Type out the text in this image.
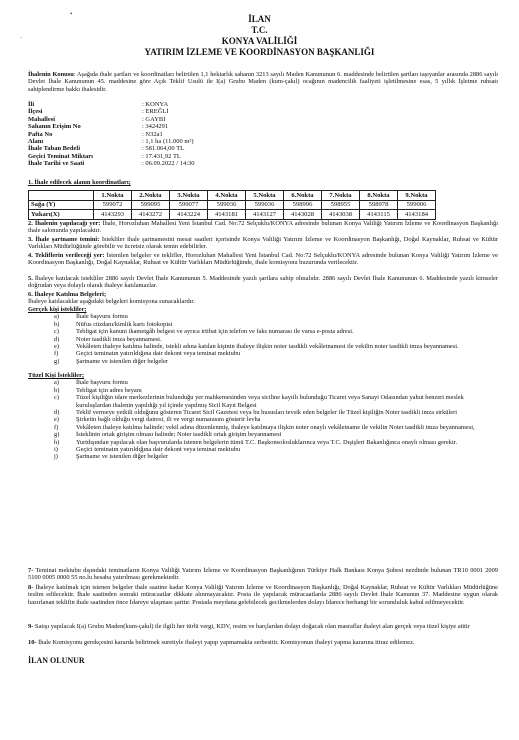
•
·
İLAN
T.C.
KONYA VALİLİĞİ
YATIRIM İZLEME VE KOORDİNASYON BAŞKANLIĞI
İhalenin Konusu: Aşağıda ihale şartları ve koordinatları belirtilen 1,1 hektarlık sahanın 3213 sayılı Maden Kanununun 6. maddesinde belirtilen şartları taşıyanlar arasında 2886 sayılı Devlet İhale Kanununun 45. maddesine göre Açık Teklif Usulü ile I(a) Grubu Maden (kum-çakıl) ocağının madencilik faaliyeti işletilmesine esas, 5 yıllık İşletme ruhsatı sahiplendirme hakkı ihalesidir.
İli	: KONYA
İlçesi	: EREĞLİ
Mahallesi	: GAYBI
Sahanın Erişim No	: 3424291
Pafta No	: N32a1
Alanı	: 1,1 ha (11.000 m²)
İhale Taban Bedeli	: 581.064,00 TL
Geçici Teminat Miktarı	: 17.431,92 TL
İhale Tarihi ve Saati	: 06.09.2022 / 14:30
1. İhale edilecek alanın koordinatları;
	1.Nokta	2.Nokta	3.Nokta	4.Nokta	5.Nokta	6.Nokta	7.Nokta	8.Nokta	9.Nokta
Sağa (Y)	599072	599095	599077	599036	599036	598996	598955	598978	599006
Yukarı(X)	4143293	4143272	4143224	4143181	4143127	4143028	4143038	4143115	4143184
2. İhalenin yapılacağı yer: İhale, Horozluhan Mahallesi Yeni İstanbul Cad. No:72 Selçuklu/KONYA adresinde bulunan Konya Valiliği Yatırım İzleme ve Koordinasyon Başkanlığı ihale salonunda yapılacaktır.
3. İhale şartname temini: İstekliler ihale şartnamesini mesai saatleri içerisinde Konya Valiliği Yatırım İzleme ve Koordinasyon Başkanlığı, Doğal Kaynaklar, Ruhsat ve Kültür Varlıkları Müdürlüğünde görebilir ve ücretsiz olarak temin edebilirler.
4. Tekliflerin verileceği yer: İstenilen belgeler ve teklifler, Horozluhan Mahallesi Yeni İstanbul Cad. No:72 Selçuklu/KONYA adresinde bulunan Konya Valiliği Yatırım İzleme ve Koordinasyon Başkanlığı, Doğal Kaynaklar, Ruhsat ve Kültür Varlıkları Müdürlüğünde, ihale komisyonu huzurunda verilecektir.
5. İhaleye katılacak istekliler 2886 sayılı Devlet İhale Kanununun 5. Maddesinde yazılı şartlara sahip olmalıdır. 2886 sayılı Devlet İhale Kanununun 6. Maddesinde yazılı kimseler doğrudan veya dolaylı olarak ihaleye katılamazlar.
6. İhaleye Katılma Belgeleri;
İhaleye katılacaklar aşağıdaki belgeleri komisyona sunacaklardır.
Gerçek kişi istekliler;
a)	İhale başvuru formu
b)	Nüfus cüzdanı/kimlik kartı fotokopisi
c)	Tebligat için kanuni ikametgâh belgesi ve ayrıca irtibat için telefon ve faks numarası ile varsa e-posta adresi.
d)	Noter tasdikli imza beyannamesi.
e)	Vekâleten ihaleye katılma halinde, istekli adına katılan kişinin ihaleye ilişkin noter tasdikli vekâletnamesi ile vekilin noter tasdikli imza beyannamesi.
f)	Geçici teminatın yatırıldığına dair dekont veya teminat mektubu
g)	Şartname ve istenilen diğer belgeler
Tüzel Kişi İstekliler;
a)	İhale başvuru formu
b)	Tebligat için adres beyanı
c)	Tüzel kişiliğin idare merkezlerinin bulunduğu yer mahkemesinden veya siciline kayıtlı bulunduğu Ticaret veya Sanayi Odasından yahut benzeri meslek kuruluşlardan ihalenin yapıldığı yıl içinde yapılmış Sicil Kayıt Belgesi
d)	Teklif vermeye yetkili olduğunu gösteren Ticaret Sicil Gazetesi veya bu hususları tevsik eden belgeler ile Tüzel kişiliğin Noter tasdikli imza sirküleri
e)	Şirketin bağlı olduğu vergi dairesi, ili ve vergi numarasını gösterir levha
f)	Vekâleten ihaleye katılma halinde; vekil adına düzenlenmiş, ihaleye katılmaya ilişkin noter onaylı vekâletname ile vekilin Noter tasdikli imza beyannamesi,
g)	İsteklinin ortak girişim olması halinde; Noter tasdikli ortak girişim beyannamesi
h)	Yurtdışından yapılacak olan başvurularda istenen belgelerin tümü T.C. Başkonsolosluklarınca veya T.C. Dışişleri Bakanlığınca onaylı olması gerekir.
i)	Geçici teminatın yatırıldığına dair dekont veya teminat mektubu
j)	Şartname ve istenilen diğer belgeler
7- Teminat mektubu dışındaki teminatların Konya Valiliği Yatırım İzleme ve Koordinasyon Başkanlığının Türkiye Halk Bankası Konya Şubesi nezdinde bulunan TR10 0001 2009 5100 0005 0000 55 no.lu hesaba yatırılması gerekmektedir.
8- İhaleye katılmak için istenen belgeler ihale saatine kadar Konya Valiliği Yatırım İzleme ve Koordinasyon Başkanlığı, Doğal Kaynaklar, Ruhsat ve Kültür Varlıkları Müdürlüğüne teslim edilecektir. İhale saatinden sonraki müracaatlar dikkate alınmayacaktır. Posta ile yapılacak müracaatlarda 2886 sayılı Devlet İhale Kanunun 37. Maddesine uygun olarak hazırlanan teklifin ihale saatinden önce İdareye ulaşması şarttır. Postada meydana gelebilecek gecikmelerden dolayı İdarece herhangi bir sorumluluk kabul edilmeyecektir.
9- Satışı yapılacak I(a) Grubu Maden(kum-çakıl) ile ilgili her türlü vergi, KDV, resim ve harçlardan dolayı doğacak olan masraflar ihaleyi alan gerçek veya tüzel kişiye aittir
10- İhale Komisyonu gerekçesini kararda belirtmek suretiyle ihaleyi yapıp yapmamakta serbesttir. Komisyonun ihaleyi yapma kararına itiraz edilemez.
İLAN OLUNUR
